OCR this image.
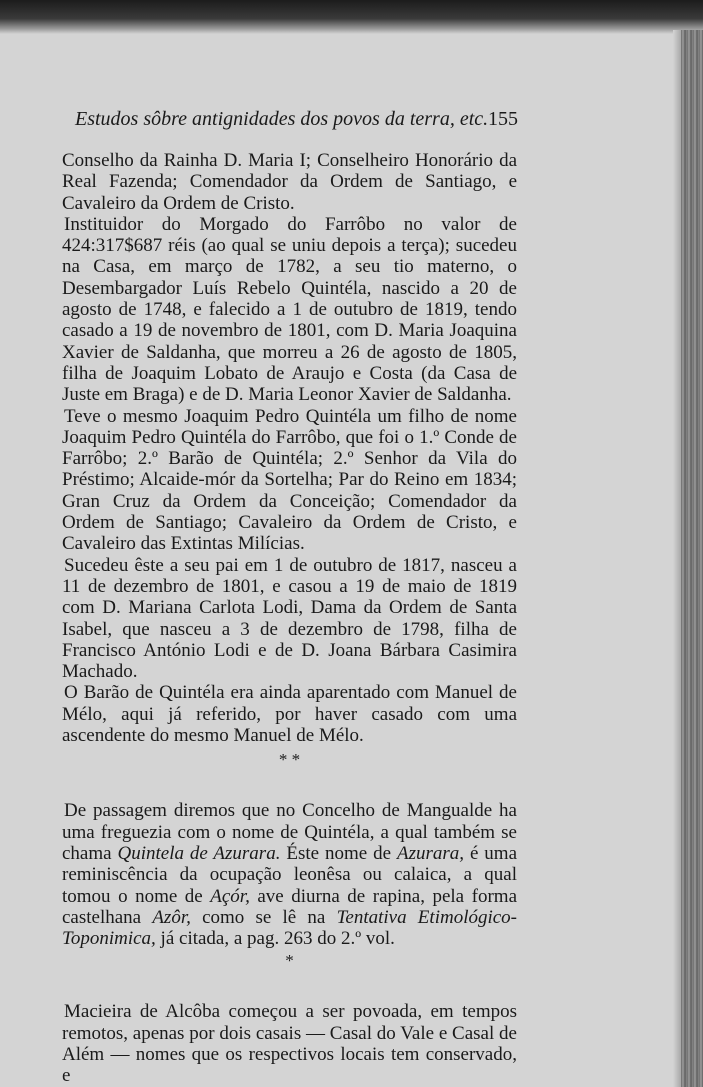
Estudos sôbre antignidades dos povos da terra, etc. 155

Conselho da Rainha D. Maria I; Conselheiro Honorário da Real Fazenda; Comendador da Ordem de Santiago, e Cavaleiro da Ordem de Cristo.

Instituidor do Morgado do Farrôbo no valor de 424:317$687 réis (ao qual se uniu depois a terça); sucedeu na Casa, em março de 1782, a seu tio materno, o Desembargador Luís Rebelo Quintéla, nascido a 20 de agosto de 1748, e falecido a 1 de outubro de 1819, tendo casado a 19 de novembro de 1801, com D. Maria Joaquina Xavier de Saldanha, que morreu a 26 de agosto de 1805, filha de Joaquim Lobato de Araujo e Costa (da Casa de Juste em Braga) e de D. Maria Leonor Xavier de Saldanha.

Teve o mesmo Joaquim Pedro Quintéla um filho de nome Joaquim Pedro Quintéla do Farrôbo, que foi o 1.º Conde de Farrôbo; 2.º Barão de Quintéla; 2.º Senhor da Vila do Préstimo; Alcaide-mór da Sortelha; Par do Reino em 1834; Gran Cruz da Ordem da Conceição; Comendador da Ordem de Santiago; Cavaleiro da Ordem de Cristo, e Cavaleiro das Extintas Milícias.

Sucedeu êste a seu pai em 1 de outubro de 1817, nasceu a 11 de dezembro de 1801, e casou a 19 de maio de 1819 com D. Mariana Carlota Lodi, Dama da Ordem de Santa Isabel, que nasceu a 3 de dezembro de 1798, filha de Francisco António Lodi e de D. Joana Bárbara Casimira Machado.

O Barão de Quintéla era ainda aparentado com Manuel de Mélo, aqui já referido, por haver casado com uma ascendente do mesmo Manuel de Mélo.

* *

De passagem diremos que no Concelho de Mangualde ha uma freguezia com o nome de Quintéla, a qual também se chama Quintela de Azurara. Éste nome de Azurara, é uma reminiscência da ocupação leonêsa ou calaica, a qual tomou o nome de Açór, ave diurna de rapina, pela forma castelhana Azôr, como se lê na Tentativa Etimológico-Toponimica, já citada, a pag. 263 do 2.º vol.

*

Macieira de Alcôba começou a ser povoada, em tempos remotos, apenas por dois casais — Casal do Vale e Casal de Além — nomes que os respectivos locais tem conservado, e
